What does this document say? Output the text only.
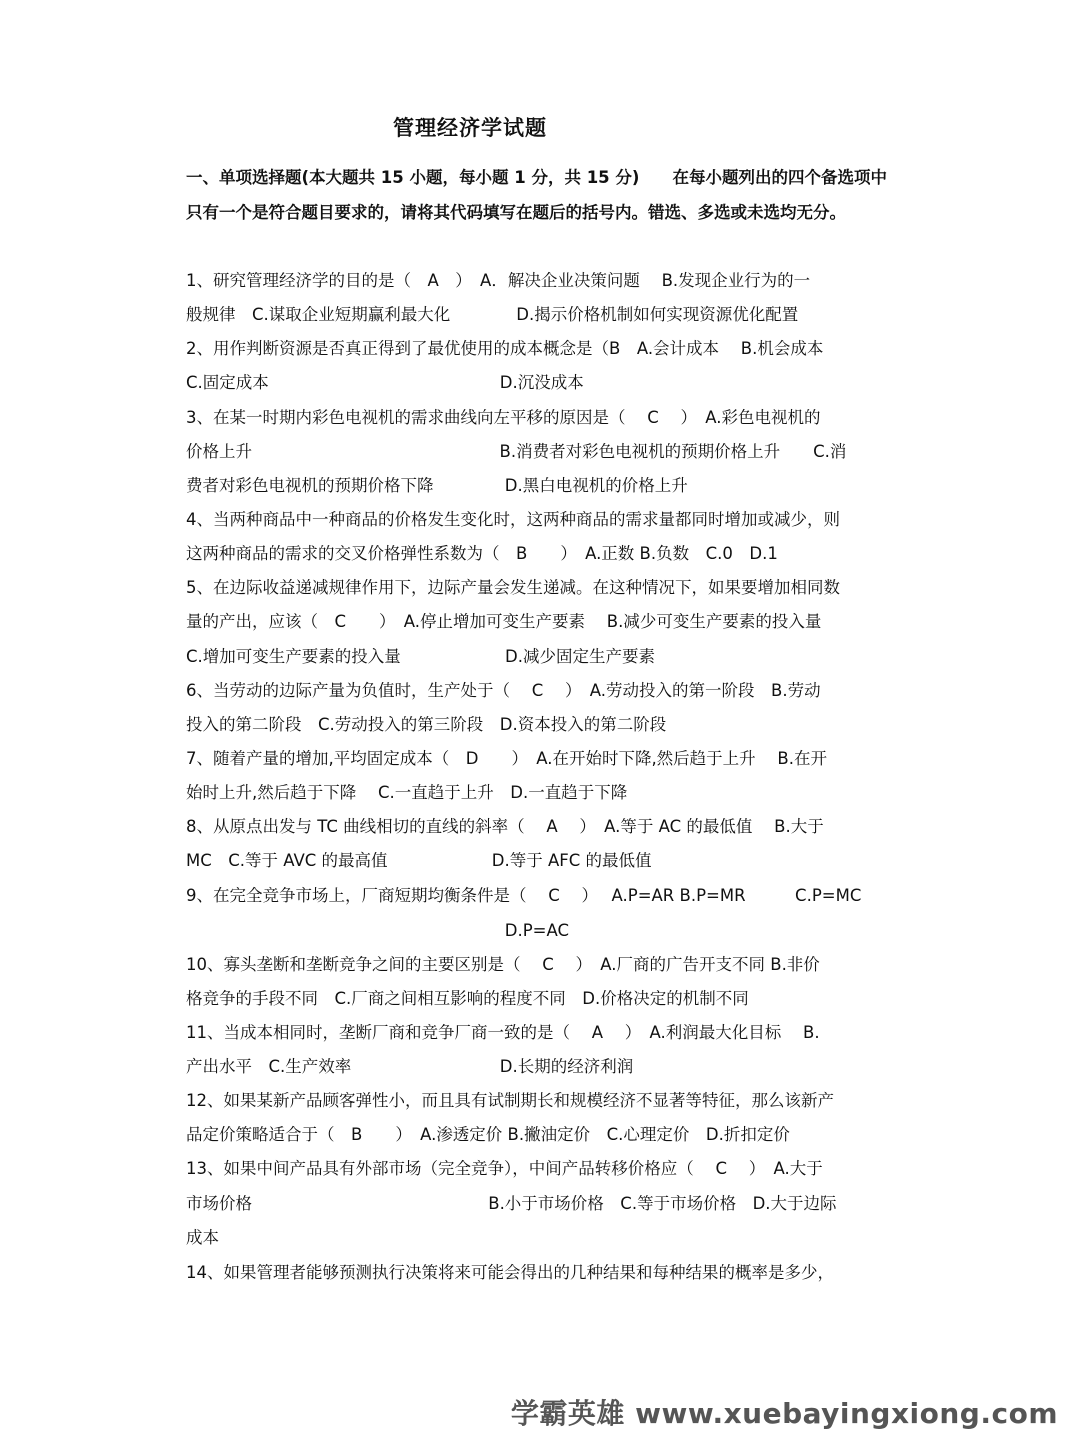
管理经济学试题
一、单项选择题(本大题共 15 小题，每小题 1 分，共 15 分)　　在每小题列出的四个备选项中只有一个是符合题目要求的，请将其代码填写在题后的括号内。错选、多选或未选均无分。
1、研究管理经济学的目的是（　A　）　A．解决企业决策问题　 B.发现企业行为的一
般规律　C.谋取企业短期赢利最大化　　　　D.揭示价格机制如何实现资源优化配置
2、用作判断资源是否真正得到了最优使用的成本概念是（B　A.会计成本　 B.机会成本
C.固定成本　　　　　　　　　　　　　　D.沉没成本
3、在某一时期内彩色电视机的需求曲线向左平移的原因是（　 C　 ）　A.彩色电视机的
价格上升　　　　　　　　　　　　　　　B.消费者对彩色电视机的预期价格上升　　C.消
费者对彩色电视机的预期价格下降　　　　 D.黑白电视机的价格上升
4、当两种商品中一种商品的价格发生变化时，这两种商品的需求量都同时增加或减少，则
这两种商品的需求的交叉价格弹性系数为（　B　　）　A.正数 B.负数　C.0　D.1
5、在边际收益递减规律作用下，边际产量会发生递减。在这种情况下，如果要增加相同数
量的产出，应该（　C　　）　A.停止增加可变生产要素　 B.减少可变生产要素的投入量
C.增加可变生产要素的投入量　　　　　　 D.减少固定生产要素
6、当劳动的边际产量为负值时，生产处于（　 C　 ）　A.劳动投入的第一阶段　B.劳动
投入的第二阶段　C.劳动投入的第三阶段　D.资本投入的第二阶段
7、随着产量的增加,平均固定成本（　D　　）　A.在开始时下降,然后趋于上升　 B.在开
始时上升,然后趋于下降　 C.一直趋于上升　D.一直趋于下降
8、从原点出发与 TC 曲线相切的直线的斜率（　 A　 ）　A.等于 AC 的最低值　 B.大于
MC　C.等于 AVC 的最高值　　　　　　 D.等于 AFC 的最低值
9、在完全竞争市场上，厂商短期均衡条件是（　 C　 ）　 A.P=AR B.P=MR　　　C.P=MC
　　　　　　　　　　　　　　　　　　　 D.P=AC
10、寡头垄断和垄断竞争之间的主要区别是（　 C　 ）　A.厂商的广告开支不同 B.非价
格竞争的手段不同　C.厂商之间相互影响的程度不同　D.价格决定的机制不同
11、当成本相同时，垄断厂商和竞争厂商一致的是（　 A　 ）　A.利润最大化目标　 B.
产出水平　C.生产效率　　　　　　　　　D.长期的经济利润
12、如果某新产品顾客弹性小，而且具有试制期长和规模经济不显著等特征，那么该新产
品定价策略适合于（　B　　）　A.渗透定价 B.撇油定价　C.心理定价　D.折扣定价
13、如果中间产品具有外部市场（完全竞争），中间产品转移价格应（　 C　 ）　A.大于
市场价格　　　　　　　　　　　　　　 B.小于市场价格　C.等于市场价格　D.大于边际
成本
14、如果管理者能够预测执行决策将来可能会得出的几种结果和每种结果的概率是多少，
学霸英雄 www.xuebayingxiong.com
